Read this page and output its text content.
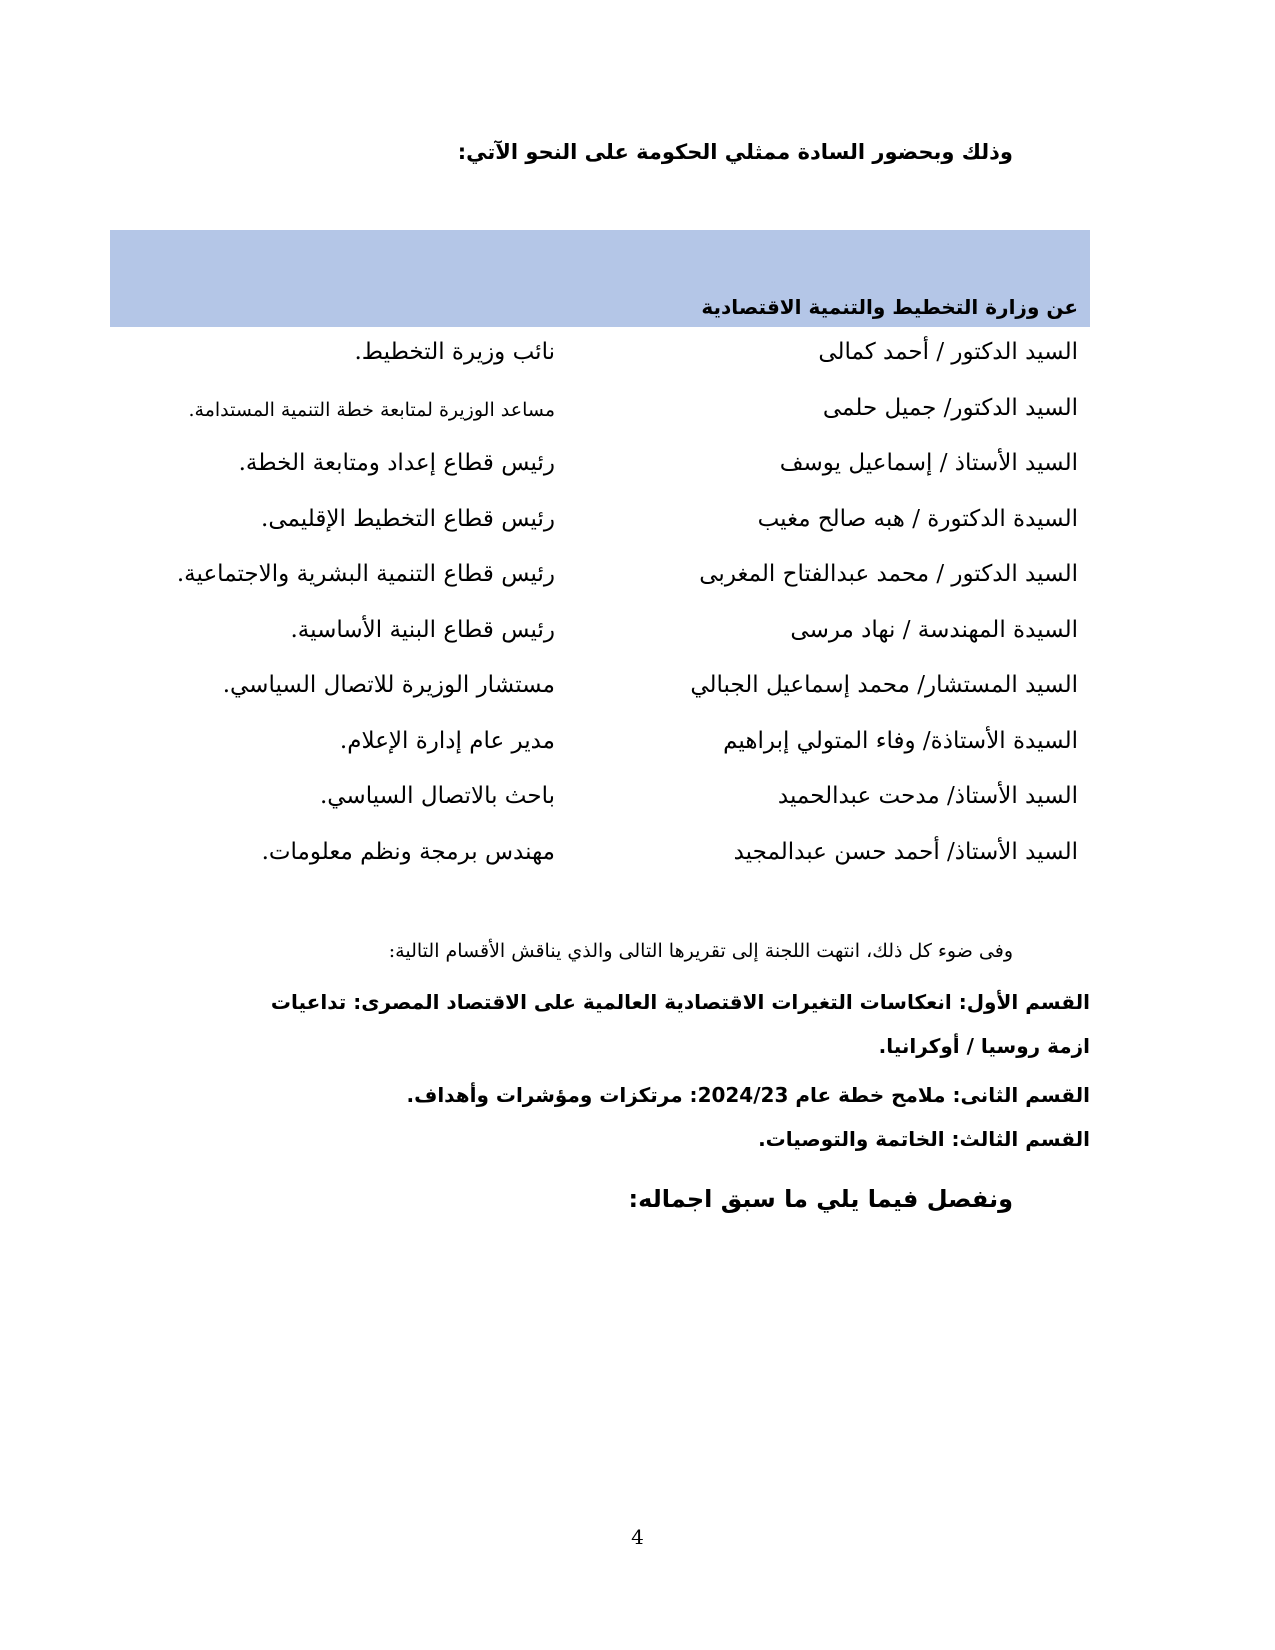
وذلك وبحضور السادة ممثلي الحكومة على النحو الآتي:
عن وزارة التخطيط والتنمية الاقتصادية
السيد الدكتور / أحمد كمالى
نائب وزيرة التخطيط.
السيد الدكتور/ جميل حلمى
مساعد الوزيرة لمتابعة خطة التنمية المستدامة.
السيد الأستاذ / إسماعيل يوسف
رئيس قطاع إعداد ومتابعة الخطة.
السيدة الدكتورة / هبه صالح مغيب
رئيس قطاع التخطيط الإقليمى.
السيد الدكتور / محمد عبدالفتاح المغربى
رئيس قطاع التنمية البشرية والاجتماعية.
السيدة المهندسة / نهاد مرسى
رئيس قطاع البنية الأساسية.
السيد المستشار/ محمد إسماعيل الجبالي
مستشار الوزيرة للاتصال السياسي.
السيدة الأستاذة/ وفاء المتولي إبراهيم
مدير عام إدارة الإعلام.
السيد الأستاذ/ مدحت عبدالحميد
باحث بالاتصال السياسي.
السيد الأستاذ/ أحمد حسن عبدالمجيد
مهندس برمجة ونظم معلومات.
وفى ضوء كل ذلك، انتهت اللجنة إلى تقريرها التالى والذي يناقش الأقسام التالية:
القسم الأول: انعكاسات التغيرات الاقتصادية العالمية على الاقتصاد المصرى: تداعيات ازمة روسيا / أوكرانيا.
القسم الثانى: ملامح خطة عام 2024/23: مرتكزات ومؤشرات وأهداف.
القسم الثالث: الخاتمة والتوصيات.
ونفصل فيما يلي ما سبق اجماله:
4
